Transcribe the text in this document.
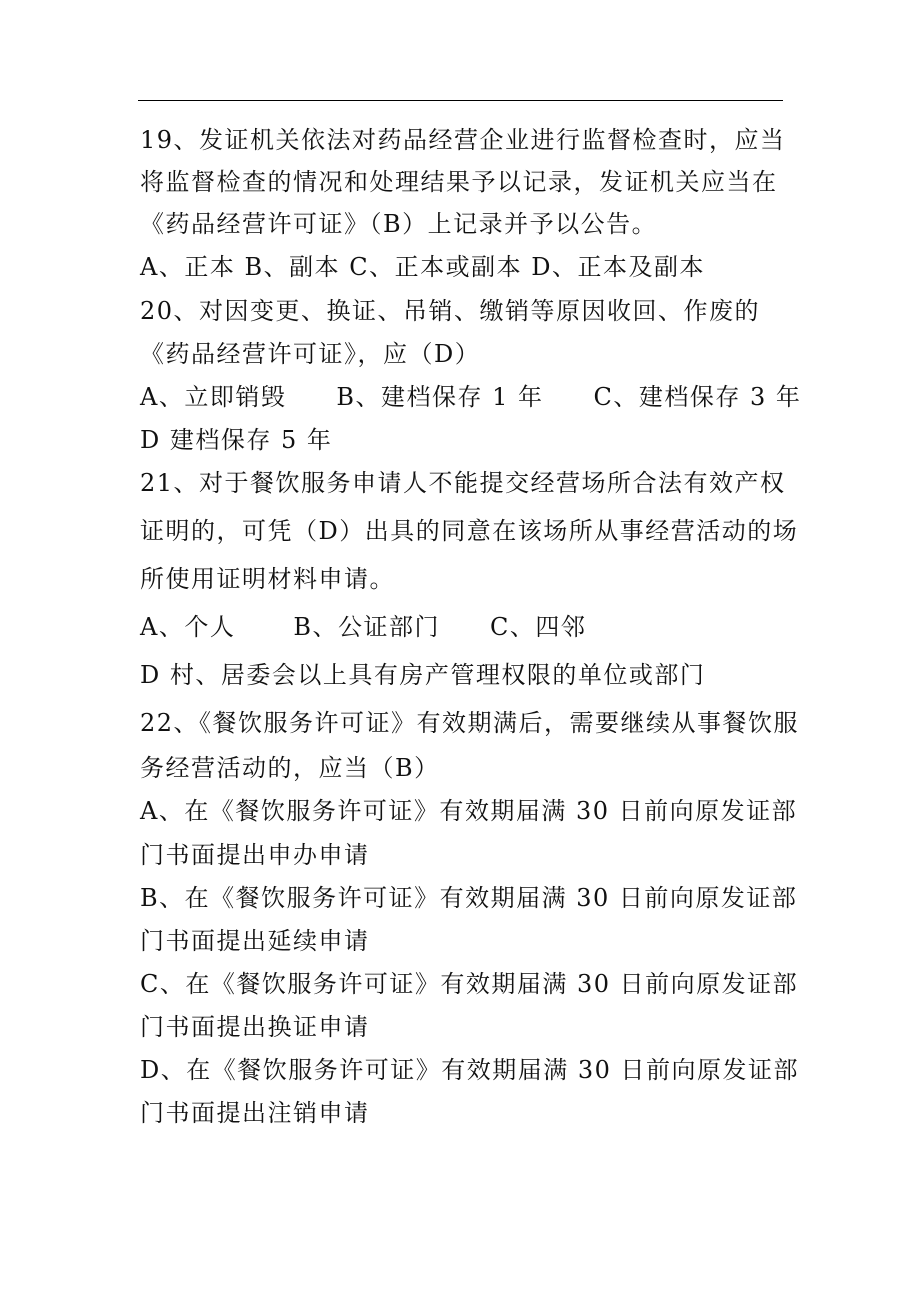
19、发证机关依法对药品经营企业进行监督检查时，应当
将监督检查的情况和处理结果予以记录，发证机关应当在
《药品经营许可证》（B）上记录并予以公告。
A、正本 B、副本 C、正本或副本 D、正本及副本
20、对因变更、换证、吊销、缴销等原因收回、作废的
《药品经营许可证》，应（D）
A、立即销毁 B、建档保存 1 年 C、建档保存 3 年
D 建档保存 5 年
21、对于餐饮服务申请人不能提交经营场所合法有效产权
证明的，可凭（D）出具的同意在该场所从事经营活动的场
所使用证明材料申请。
A、个人 B、公证部门 C、四邻
D 村、居委会以上具有房产管理权限的单位或部门
22、《餐饮服务许可证》有效期满后，需要继续从事餐饮服
务经营活动的，应当（B）
A、在《餐饮服务许可证》有效期届满 30 日前向原发证部
门书面提出申办申请
B、在《餐饮服务许可证》有效期届满 30 日前向原发证部
门书面提出延续申请
C、在《餐饮服务许可证》有效期届满 30 日前向原发证部
门书面提出换证申请
D、在《餐饮服务许可证》有效期届满 30 日前向原发证部
门书面提出注销申请
